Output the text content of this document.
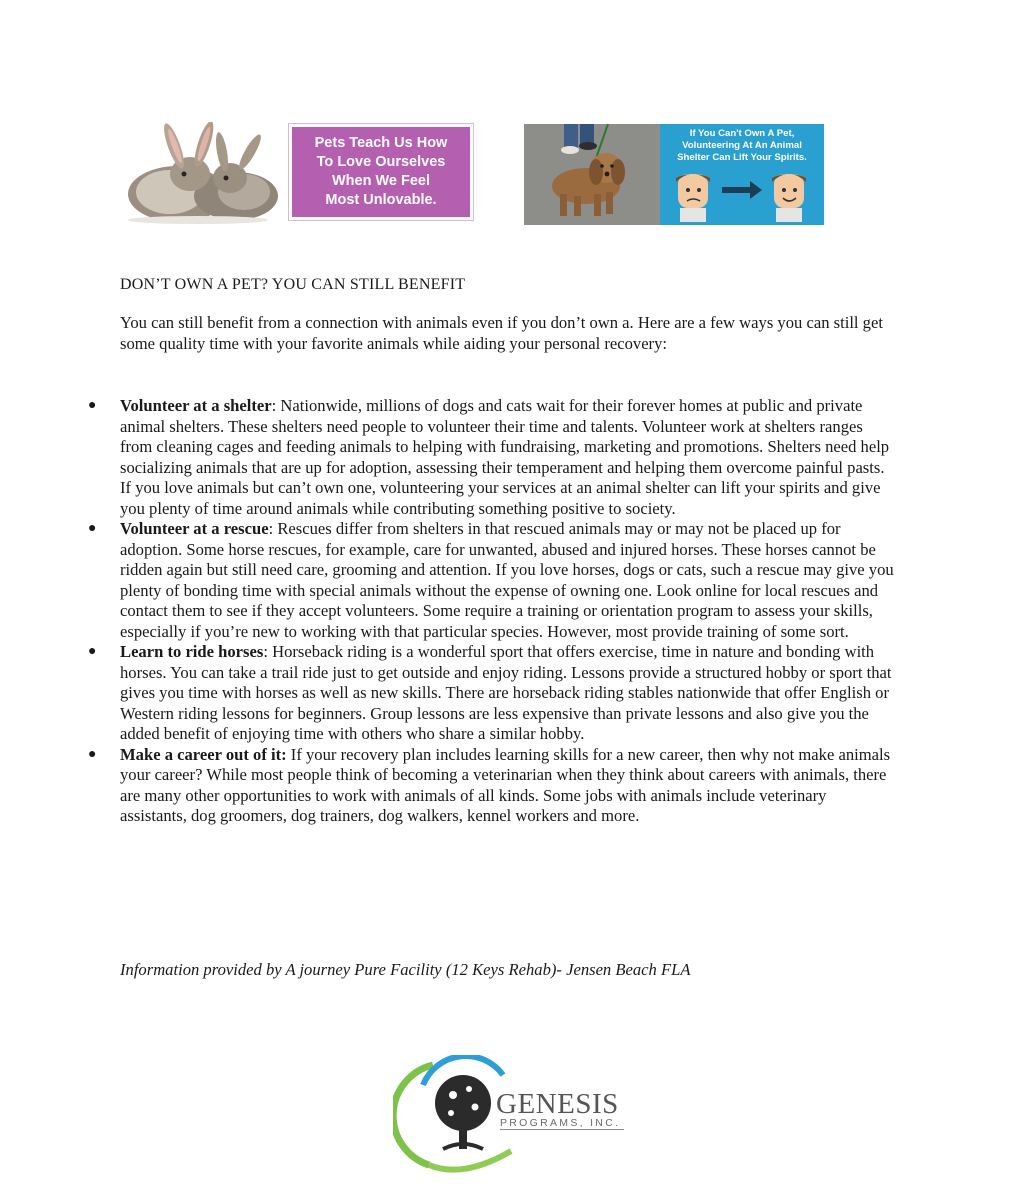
Pets Teach Us How
To Love Ourselves
When We Feel
Most Unlovable.
If You Can't Own A Pet,
Volunteering At An Animal
Shelter Can Lift Your Spirits.
DON’T OWN A PET? YOU CAN STILL BENEFIT

You can still benefit from a connection with animals even if you don’t own a. Here are a few ways you can still get some quality time with your favorite animals while aiding your personal recovery:

● Volunteer at a shelter: Nationwide, millions of dogs and cats wait for their forever homes at public and private animal shelters. These shelters need people to volunteer their time and talents. Volunteer work at shelters ranges from cleaning cages and feeding animals to helping with fundraising, marketing and promotions. Shelters need help socializing animals that are up for adoption, assessing their temperament and helping them overcome painful pasts. If you love animals but can’t own one, volunteering your services at an animal shelter can lift your spirits and give you plenty of time around animals while contributing something positive to society.
● Volunteer at a rescue: Rescues differ from shelters in that rescued animals may or may not be placed up for adoption. Some horse rescues, for example, care for unwanted, abused and injured horses. These horses cannot be ridden again but still need care, grooming and attention. If you love horses, dogs or cats, such a rescue may give you plenty of bonding time with special animals without the expense of owning one. Look online for local rescues and contact them to see if they accept volunteers. Some require a training or orientation program to assess your skills, especially if you’re new to working with that particular species. However, most provide training of some sort.
● Learn to ride horses: Horseback riding is a wonderful sport that offers exercise, time in nature and bonding with horses. You can take a trail ride just to get outside and enjoy riding. Lessons provide a structured hobby or sport that gives you time with horses as well as new skills. There are horseback riding stables nationwide that offer English or Western riding lessons for beginners. Group lessons are less expensive than private lessons and also give you the added benefit of enjoying time with others who share a similar hobby.
● Make a career out of it: If your recovery plan includes learning skills for a new career, then why not make animals your career? While most people think of becoming a veterinarian when they think about careers with animals, there are many other opportunities to work with animals of all kinds. Some jobs with animals include veterinary assistants, dog groomers, dog trainers, dog walkers, kennel workers and more.

Information provided by A journey Pure Facility (12 Keys Rehab)- Jensen Beach FLA

GENESIS
PROGRAMS, INC.
